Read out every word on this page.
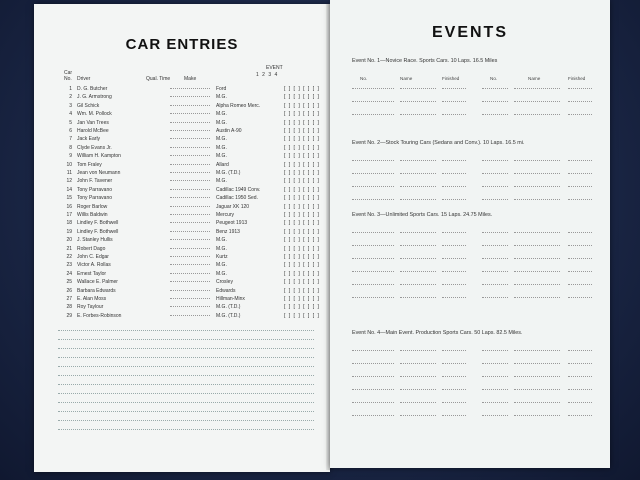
CAR ENTRIES
Car
No. Driver	Qual. Time	Make
EVENT
1 2 3 4
1 D. G. Butcher	Ford	[ ] [ ] [ ] [ ]
2 J. G. Armstrong	M.G.	[ ] [ ] [ ] [ ]
3 Gil Schick	Alpha Romeo Merc.	[ ] [ ] [ ] [ ]
4 Wm. M. Pollock	M.G.	[ ] [ ] [ ] [ ]
5 Jan Van Trees	M.G.	[ ] [ ] [ ] [ ]
6 Harold McBee	Austin A-90	[ ] [ ] [ ] [ ]
7 Jack Early	M.G.	[ ] [ ] [ ] [ ]
8 Clyde Evans Jr.	M.G.	[ ] [ ] [ ] [ ]
9 William H. Kampton	M.G.	[ ] [ ] [ ] [ ]
10 Tom Fraley	Allard	[ ] [ ] [ ] [ ]
11 Jean von Neumann	M.G. (T.D.)	[ ] [ ] [ ] [ ]
12 John F. Tavener	M.G.	[ ] [ ] [ ] [ ]
14 Tony Parravano	Cadillac 1949 Conv.	[ ] [ ] [ ] [ ]
15 Tony Parravano	Cadillac 1950 Sed.	[ ] [ ] [ ] [ ]
16 Roger Barlow	Jaguar XK 120	[ ] [ ] [ ] [ ]
17 Willis Baldwin	Mercury	[ ] [ ] [ ] [ ]
18 Lindley F. Bothwell	Peugeot 1913	[ ] [ ] [ ] [ ]
19 Lindley F. Bothwell	Benz 1913	[ ] [ ] [ ] [ ]
20 J. Stanley Hullis	M.G.	[ ] [ ] [ ] [ ]
21 Robert Dago	M.G.	[ ] [ ] [ ] [ ]
22 John C. Edgar	Kurtz	[ ] [ ] [ ] [ ]
23 Victor A. Rollas	M.G.	[ ] [ ] [ ] [ ]
24 Ernest Taylor	M.G.	[ ] [ ] [ ] [ ]
25 Wallace E. Palmer	Crosley	[ ] [ ] [ ] [ ]
26 Barbara Edwards	Edwards	[ ] [ ] [ ] [ ]
27 E. Alan Moss	Hillman-Minx	[ ] [ ] [ ] [ ]
28 Roy Taylour	M.G. (T.D.)	[ ] [ ] [ ] [ ]
29 E. Forbes-Robinson	M.G. (T.D.)	[ ] [ ] [ ] [ ]
EVENTS
Event No. 1—Novice Race. Sports Cars. 10 Laps. 16.5 Miles
No.	Name	Finished	No.	Name	Finished
Event No. 2—Stock Touring Cars (Sedans and Conv.). 10 Laps. 16.5 mi.
Event No. 3—Unlimited Sports Cars. 15 Laps. 24.75 Miles.
Event No. 4—Main Event. Production Sports Cars. 50 Laps. 82.5 Miles.
